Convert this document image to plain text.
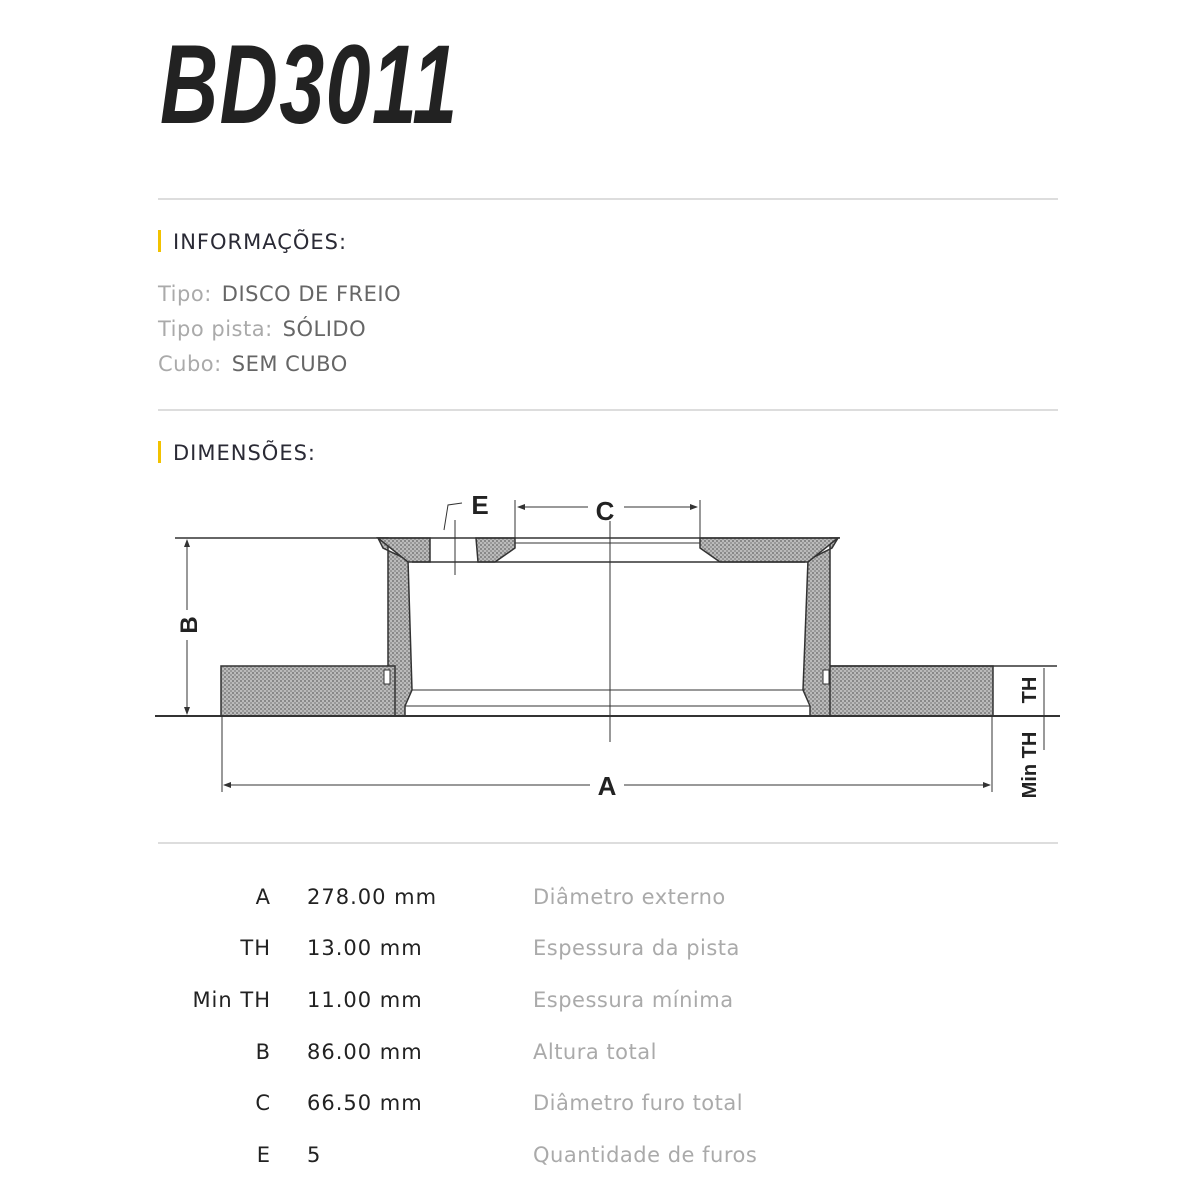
BD3011
INFORMAÇÕES:
Tipo: DISCO DE FREIO
Tipo pista: SÓLIDO
Cubo: SEM CUBO
DIMENSÕES:
A
C
E
B
TH
Min TH
A 278.00 mm	Diâmetro externo
TH 13.00 mm	Espessura da pista
Min TH 11.00 mm	Espessura mínima
B 86.00 mm	Altura total
C 66.50 mm	Diâmetro furo total
E 5	Quantidade de furos
